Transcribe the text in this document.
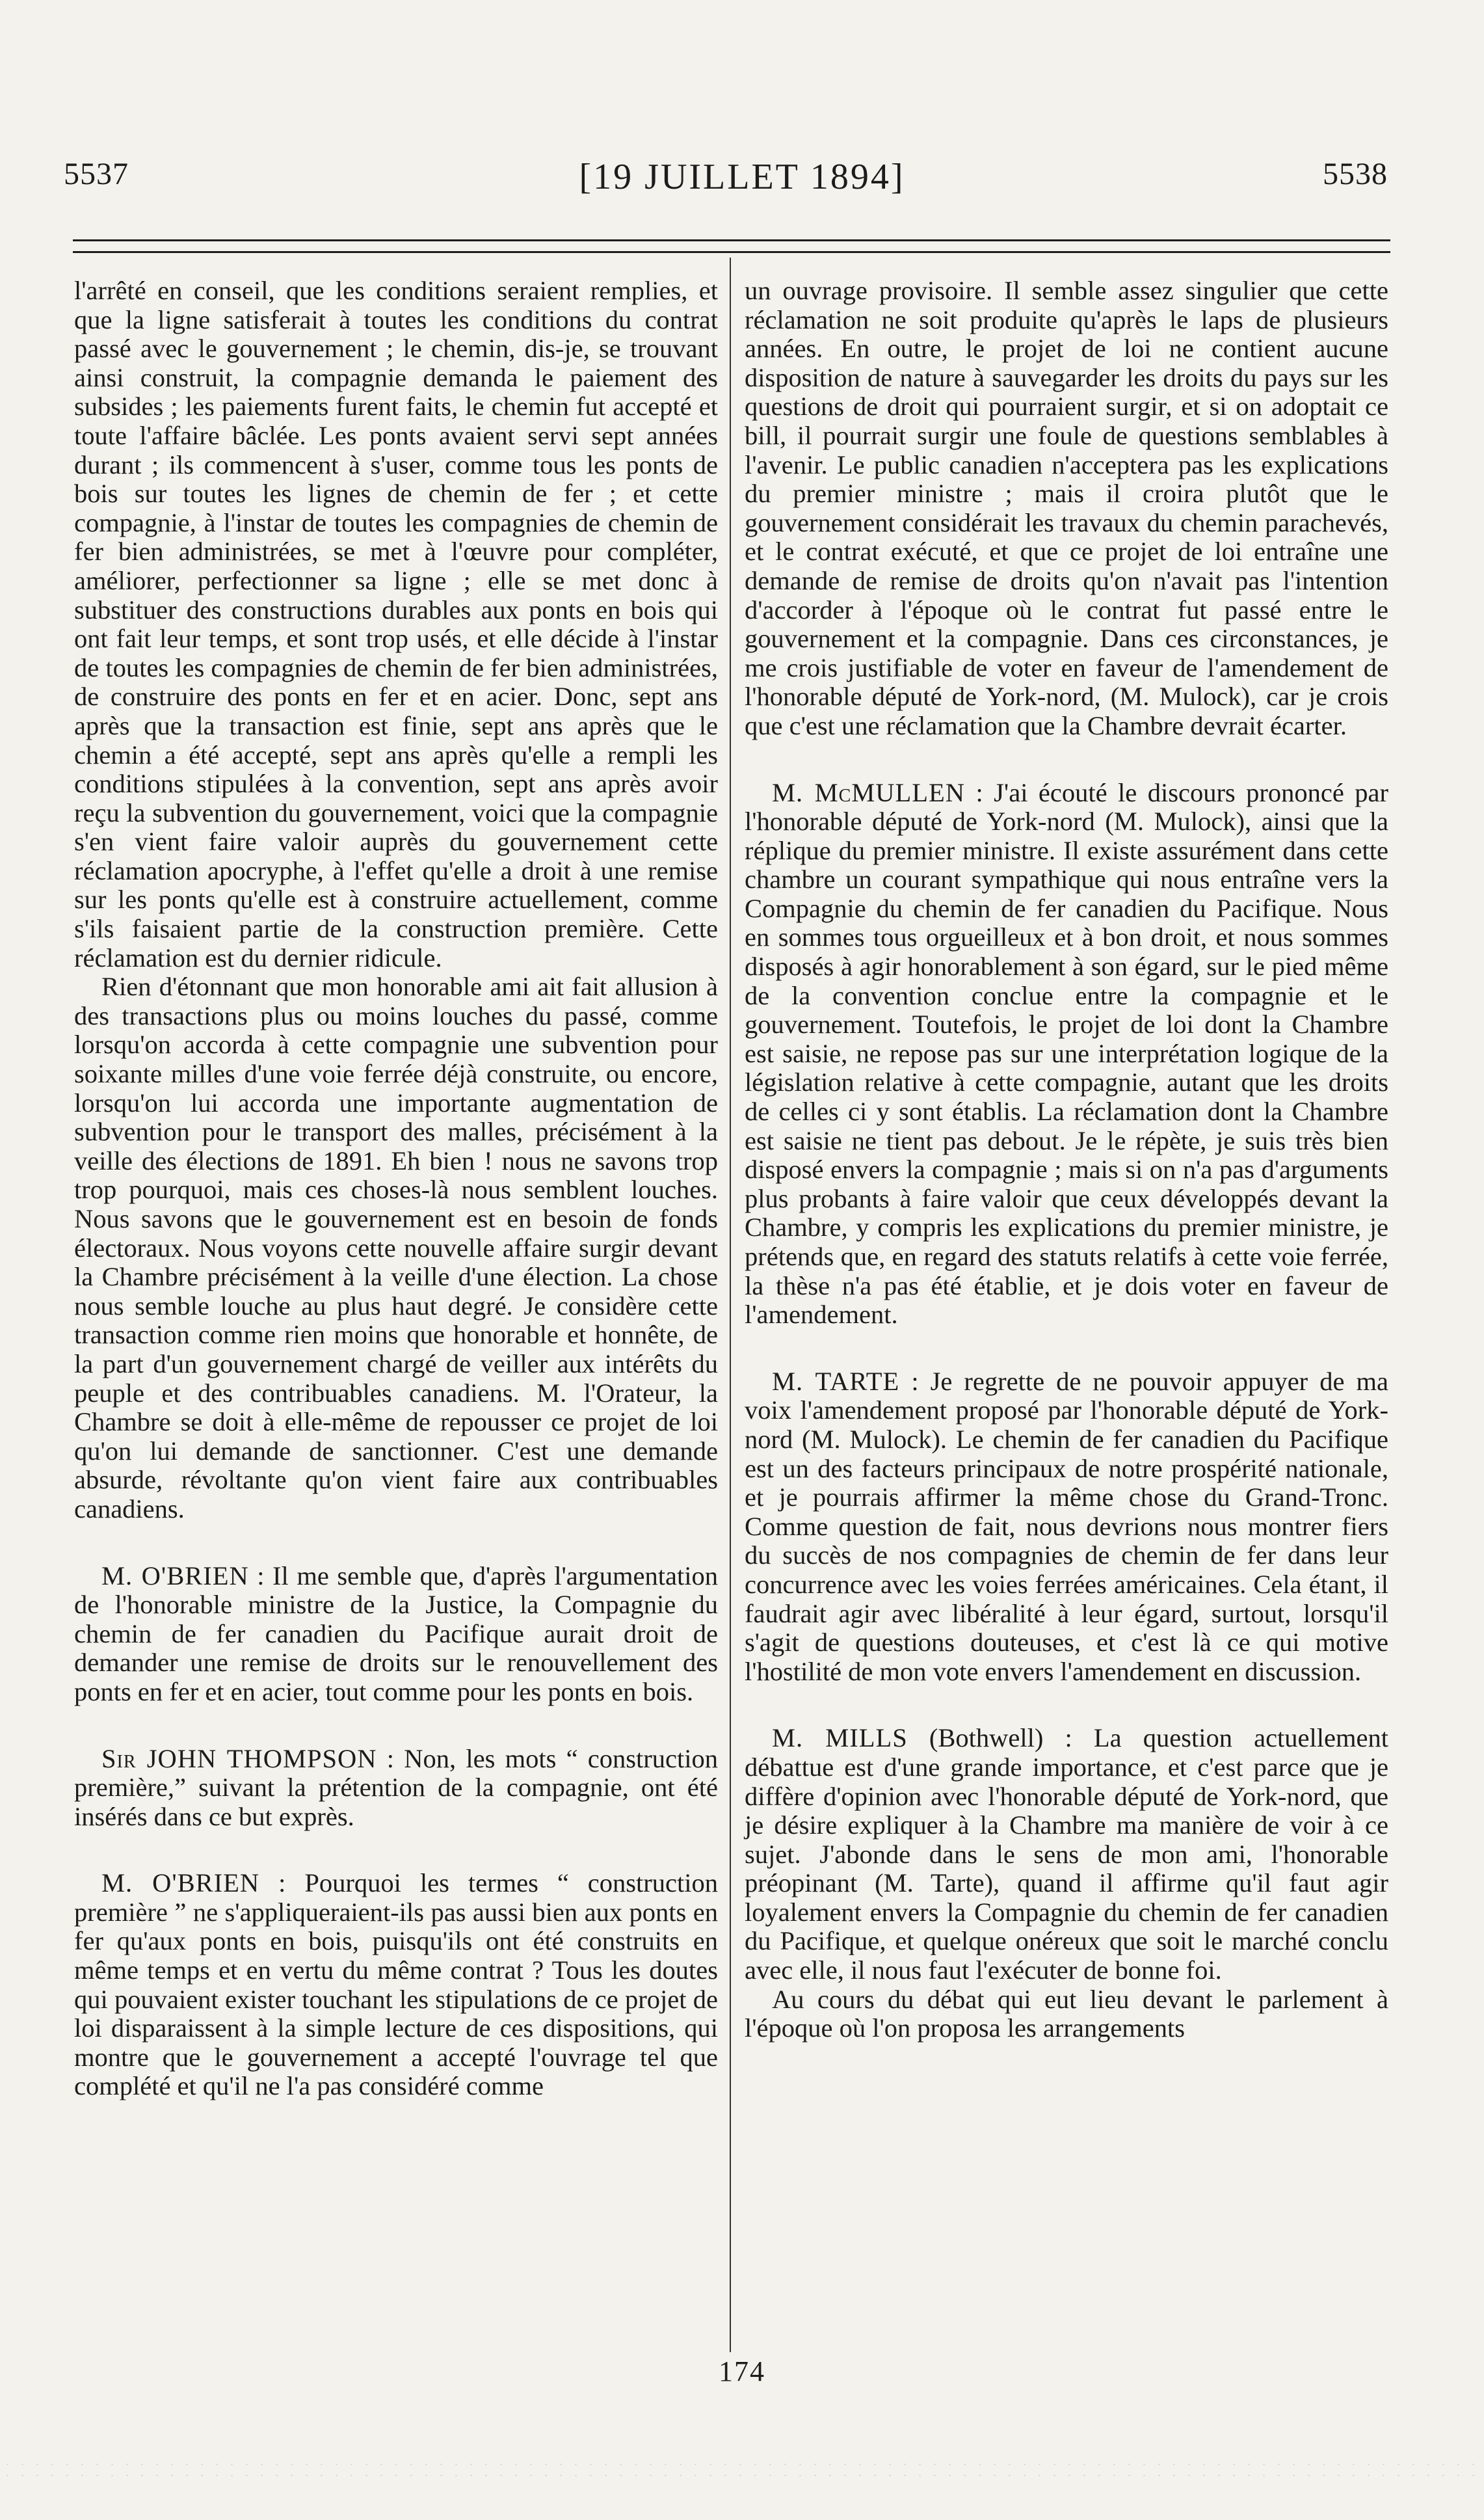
5537	[19 JUILLET 1894]	5538

l'arrêté en conseil, que les conditions seraient remplies, et que la ligne satisferait à toutes les conditions du contrat passé avec le gouvernement ; le chemin, dis-je, se trouvant ainsi construit, la compagnie demanda le paiement des subsides ; les paiements furent faits, le chemin fut accepté et toute l'affaire bâclée. Les ponts avaient servi sept années durant ; ils commencent à s'user, comme tous les ponts de bois sur toutes les lignes de chemin de fer ; et cette compagnie, à l'instar de toutes les compagnies de chemin de fer bien administrées, se met à l'œuvre pour compléter, améliorer, perfectionner sa ligne ; elle se met donc à substituer des constructions durables aux ponts en bois qui ont fait leur temps, et sont trop usés, et elle décide à l'instar de toutes les compagnies de chemin de fer bien administrées, de construire des ponts en fer et en acier. Donc, sept ans après que la transaction est finie, sept ans après que le chemin a été accepté, sept ans après qu'elle a rempli les conditions stipulées à la convention, sept ans après avoir reçu la subvention du gouvernement, voici que la compagnie s'en vient faire valoir auprès du gouvernement cette réclamation apocryphe, à l'effet qu'elle a droit à une remise sur les ponts qu'elle est à construire actuellement, comme s'ils faisaient partie de la construction première. Cette réclamation est du dernier ridicule.

Rien d'étonnant que mon honorable ami ait fait allusion à des transactions plus ou moins louches du passé, comme lorsqu'on accorda à cette compagnie une subvention pour soixante milles d'une voie ferrée déjà construite, ou encore, lorsqu'on lui accorda une importante augmentation de subvention pour le transport des malles, précisément à la veille des élections de 1891. Eh bien ! nous ne savons trop trop pourquoi, mais ces choses-là nous semblent louches. Nous savons que le gouvernement est en besoin de fonds électoraux. Nous voyons cette nouvelle affaire surgir devant la Chambre précisément à la veille d'une élection. La chose nous semble louche au plus haut degré. Je considère cette transaction comme rien moins que honorable et honnête, de la part d'un gouvernement chargé de veiller aux intérêts du peuple et des contribuables canadiens. M. l'Orateur, la Chambre se doit à elle-même de repousser ce projet de loi qu'on lui demande de sanctionner. C'est une demande absurde, révoltante qu'on vient faire aux contribuables canadiens.

M. O'BRIEN : Il me semble que, d'après l'argumentation de l'honorable ministre de la Justice, la Compagnie du chemin de fer canadien du Pacifique aurait droit de demander une remise de droits sur le renouvellement des ponts en fer et en acier, tout comme pour les ponts en bois.

Sir JOHN THOMPSON : Non, les mots “ construction première,” suivant la prétention de la compagnie, ont été insérés dans ce but exprès.

M. O'BRIEN : Pourquoi les termes “ construction première ” ne s'appliqueraient-ils pas aussi bien aux ponts en fer qu'aux ponts en bois, puisqu'ils ont été construits en même temps et en vertu du même contrat ? Tous les doutes qui pouvaient exister touchant les stipulations de ce projet de loi disparaissent à la simple lecture de ces dispositions, qui montre que le gouvernement a accepté l'ouvrage tel que complété et qu'il ne l'a pas considéré comme

un ouvrage provisoire. Il semble assez singulier que cette réclamation ne soit produite qu'après le laps de plusieurs années. En outre, le projet de loi ne contient aucune disposition de nature à sauvegarder les droits du pays sur les questions de droit qui pourraient surgir, et si on adoptait ce bill, il pourrait surgir une foule de questions semblables à l'avenir. Le public canadien n'acceptera pas les explications du premier ministre ; mais il croira plutôt que le gouvernement considérait les travaux du chemin parachevés, et le contrat exécuté, et que ce projet de loi entraîne une demande de remise de droits qu'on n'avait pas l'intention d'accorder à l'époque où le contrat fut passé entre le gouvernement et la compagnie. Dans ces circonstances, je me crois justifiable de voter en faveur de l'amendement de l'honorable député de York-nord, (M. Mulock), car je crois que c'est une réclamation que la Chambre devrait écarter.

M. McMULLEN : J'ai écouté le discours prononcé par l'honorable député de York-nord (M. Mulock), ainsi que la réplique du premier ministre. Il existe assurément dans cette chambre un courant sympathique qui nous entraîne vers la Compagnie du chemin de fer canadien du Pacifique. Nous en sommes tous orgueilleux et à bon droit, et nous sommes disposés à agir honorablement à son égard, sur le pied même de la convention conclue entre la compagnie et le gouvernement. Toutefois, le projet de loi dont la Chambre est saisie, ne repose pas sur une interprétation logique de la législation relative à cette compagnie, autant que les droits de celles ci y sont établis. La réclamation dont la Chambre est saisie ne tient pas debout. Je le répète, je suis très bien disposé envers la compagnie ; mais si on n'a pas d'arguments plus probants à faire valoir que ceux développés devant la Chambre, y compris les explications du premier ministre, je prétends que, en regard des statuts relatifs à cette voie ferrée, la thèse n'a pas été établie, et je dois voter en faveur de l'amendement.

M. TARTE : Je regrette de ne pouvoir appuyer de ma voix l'amendement proposé par l'honorable député de York-nord (M. Mulock). Le chemin de fer canadien du Pacifique est un des facteurs principaux de notre prospérité nationale, et je pourrais affirmer la même chose du Grand-Tronc. Comme question de fait, nous devrions nous montrer fiers du succès de nos compagnies de chemin de fer dans leur concurrence avec les voies ferrées américaines. Cela étant, il faudrait agir avec libéralité à leur égard, surtout, lorsqu'il s'agit de questions douteuses, et c'est là ce qui motive l'hostilité de mon vote envers l'amendement en discussion.

M. MILLS (Bothwell) : La question actuellement débattue est d'une grande importance, et c'est parce que je diffère d'opinion avec l'honorable député de York-nord, que je désire expliquer à la Chambre ma manière de voir à ce sujet. J'abonde dans le sens de mon ami, l'honorable préopinant (M. Tarte), quand il affirme qu'il faut agir loyalement envers la Compagnie du chemin de fer canadien du Pacifique, et quelque onéreux que soit le marché conclu avec elle, il nous faut l'exécuter de bonne foi.

Au cours du débat qui eut lieu devant le parlement à l'époque où l'on proposa les arrangements

174
